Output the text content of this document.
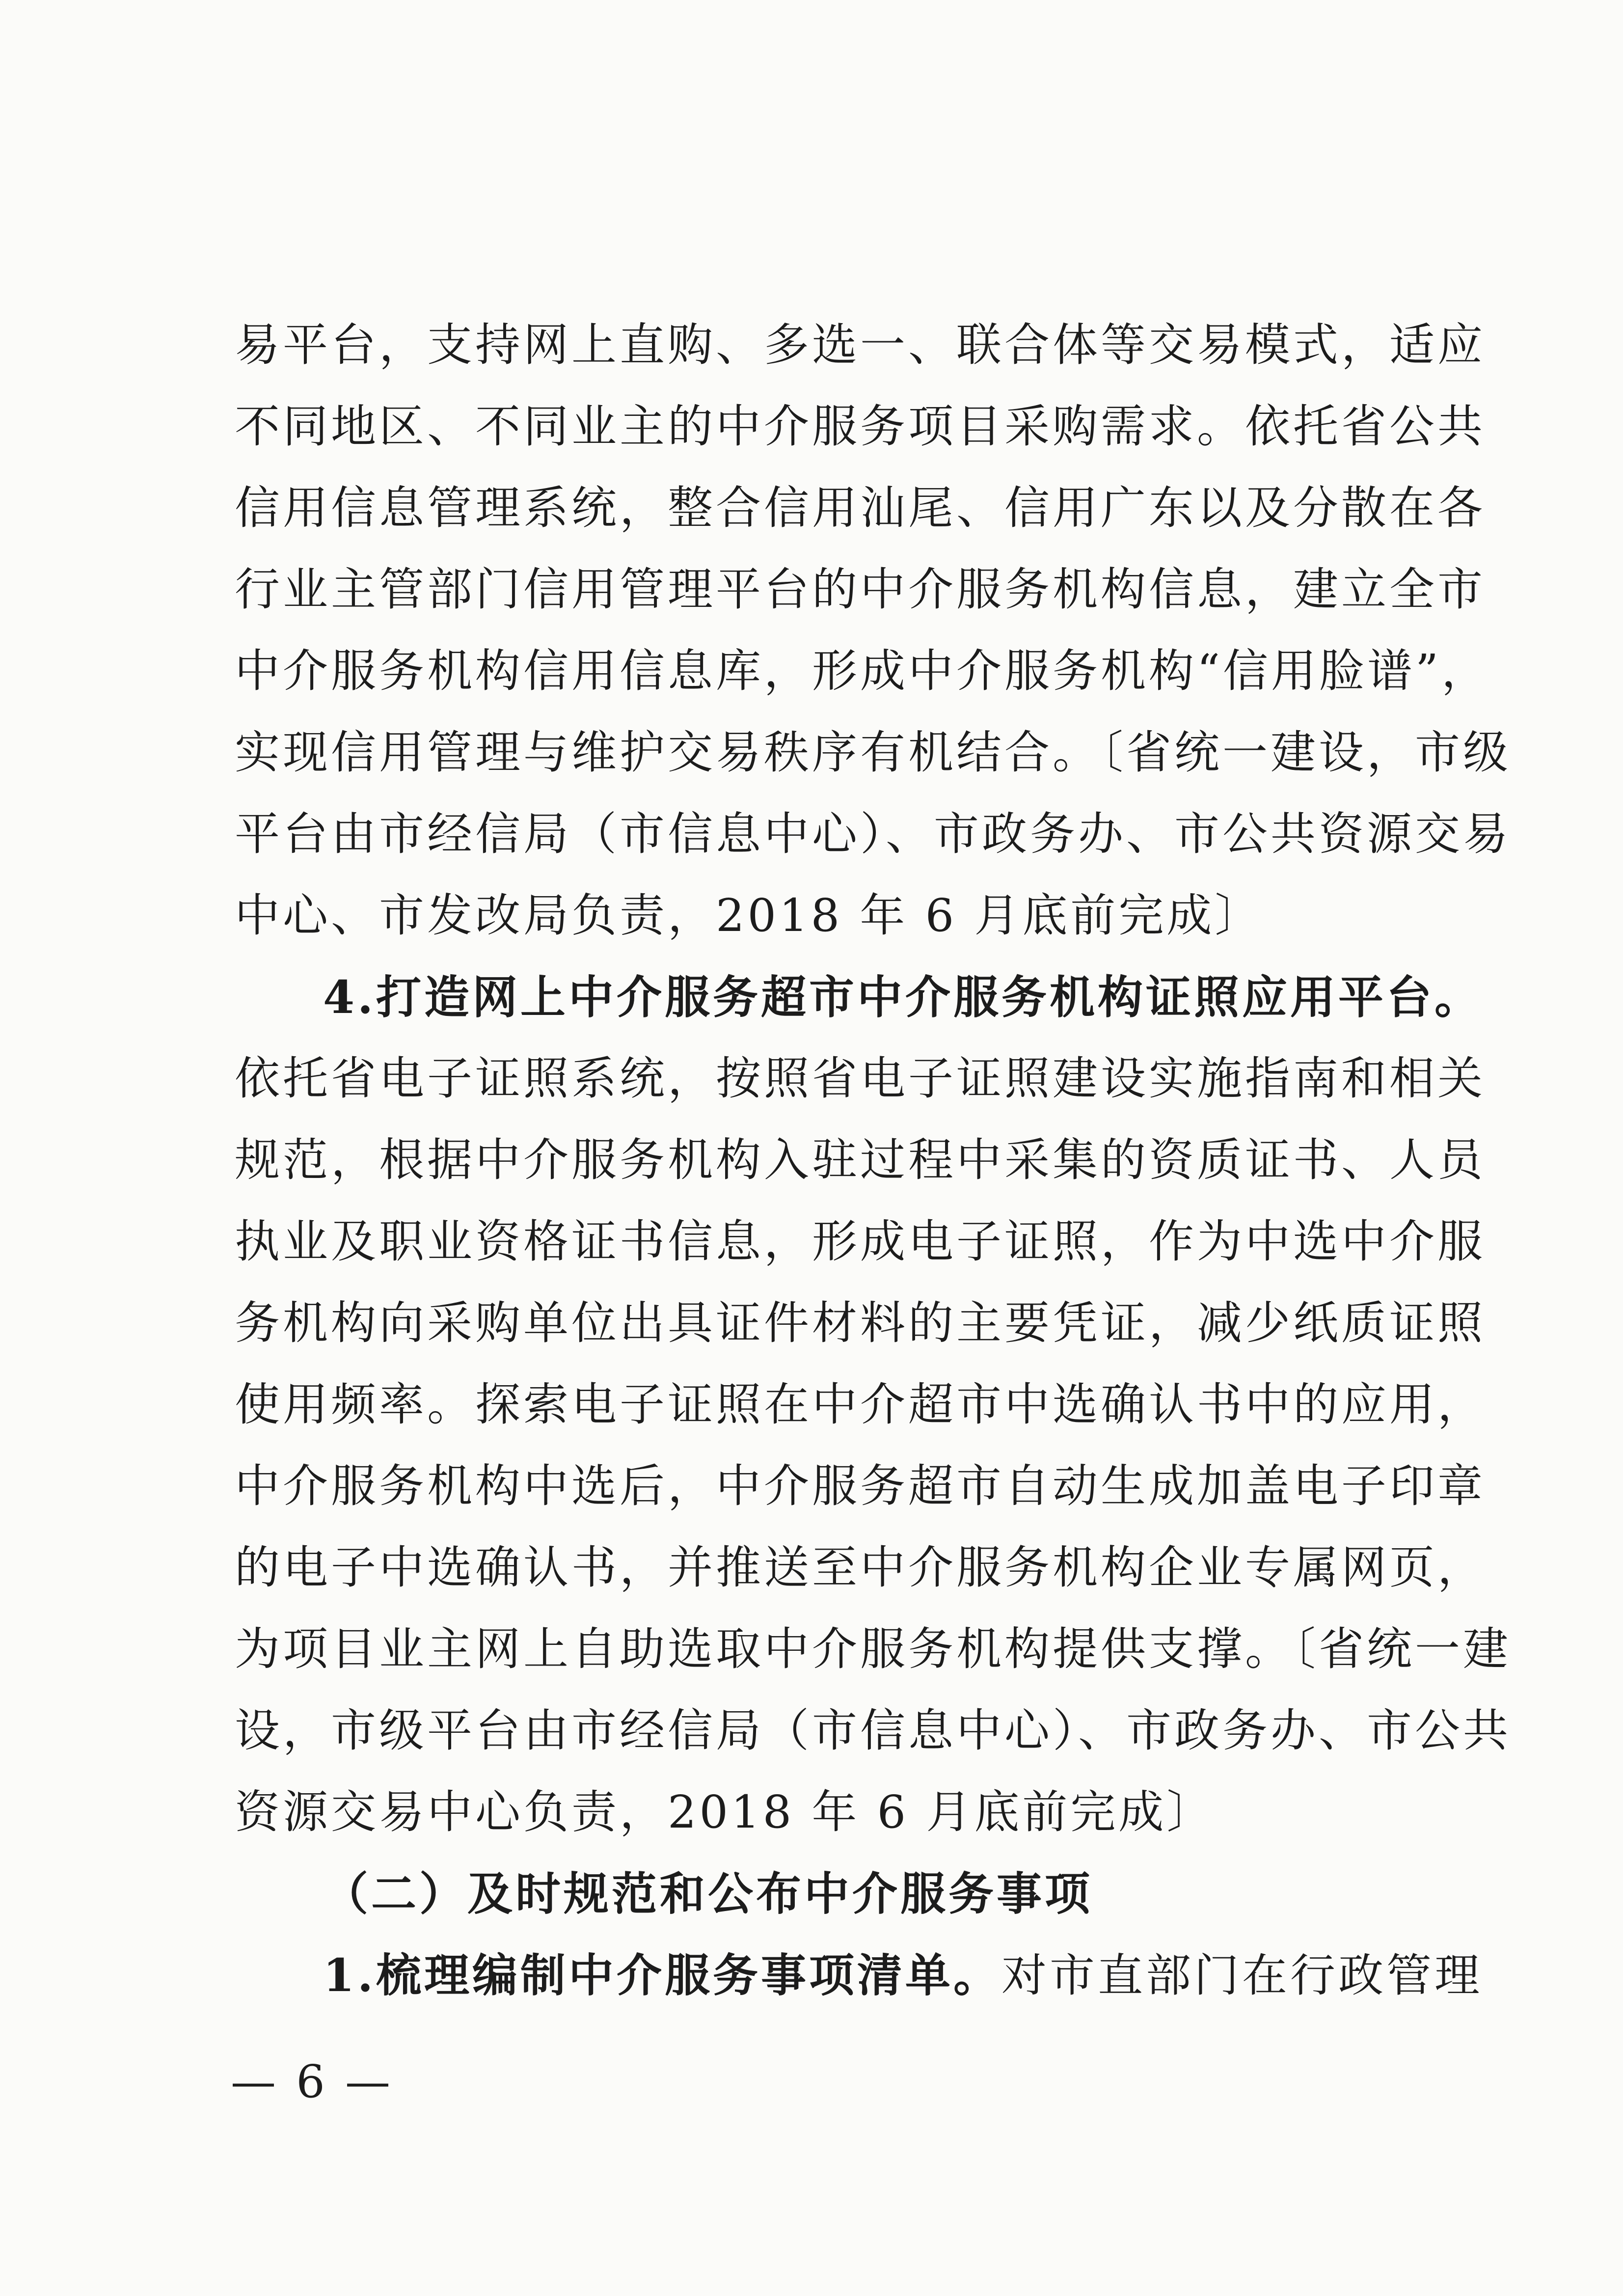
易平台，支持网上直购、多选一、联合体等交易模式，适应
不同地区、不同业主的中介服务项目采购需求。依托省公共
信用信息管理系统，整合信用汕尾、信用广东以及分散在各
行业主管部门信用管理平台的中介服务机构信息，建立全市
中介服务机构信用信息库，形成中介服务机构“信用脸谱”，
实现信用管理与维护交易秩序有机结合。〔省统一建设，市级
平台由市经信局（市信息中心）、市政务办、市公共资源交易
中心、市发改局负责，2018 年 6 月底前完成〕
4.打造网上中介服务超市中介服务机构证照应用平台。
依托省电子证照系统，按照省电子证照建设实施指南和相关
规范，根据中介服务机构入驻过程中采集的资质证书、人员
执业及职业资格证书信息，形成电子证照，作为中选中介服
务机构向采购单位出具证件材料的主要凭证，减少纸质证照
使用频率。探索电子证照在中介超市中选确认书中的应用，
中介服务机构中选后，中介服务超市自动生成加盖电子印章
的电子中选确认书，并推送至中介服务机构企业专属网页，
为项目业主网上自助选取中介服务机构提供支撑。〔省统一建
设，市级平台由市经信局（市信息中心）、市政务办、市公共
资源交易中心负责，2018 年 6 月底前完成〕
（二）及时规范和公布中介服务事项
1.梳理编制中介服务事项清单。对市直部门在行政管理
— 6 —
